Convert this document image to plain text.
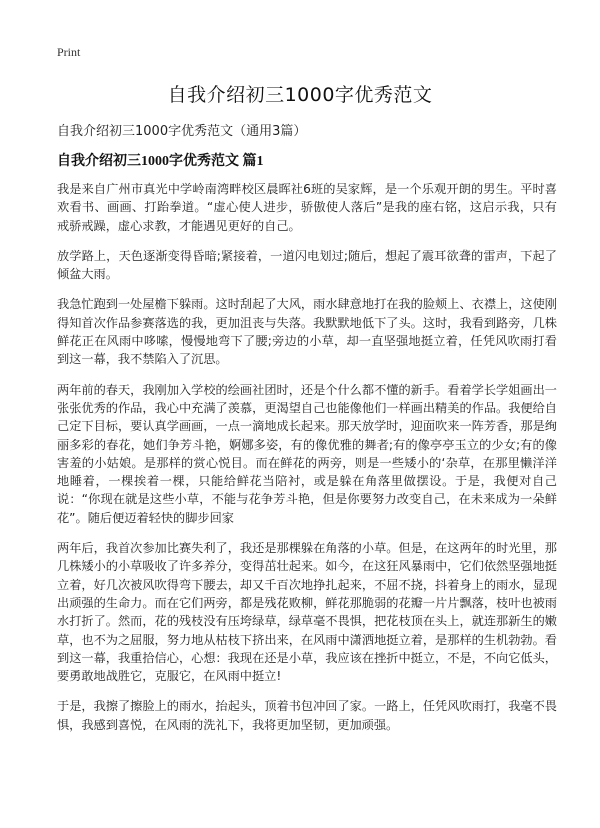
Print
自我介绍初三1000字优秀范文

自我介绍初三1000字优秀范文（通用3篇）

自我介绍初三1000字优秀范文 篇1

我是来自广州市真光中学岭南湾畔校区晨晖社6班的吴家辉，是一个乐观开朗的男生。平时喜欢看书、画画、打跆拳道。“虚心使人进步，骄傲使人落后”是我的座右铭，这启示我，只有戒骄戒躁，虚心求教，才能遇见更好的自己。

放学路上，天色逐渐变得昏暗;紧接着，一道闪电划过;随后，想起了震耳欲聋的雷声，下起了倾盆大雨。

我急忙跑到一处屋檐下躲雨。这时刮起了大风，雨水肆意地打在我的脸颊上、衣襟上，这使刚得知首次作品参赛落选的我，更加沮丧与失落。我默默地低下了头。这时，我看到路旁，几株鲜花正在风雨中哆嗦，慢慢地弯下了腰;旁边的小草，却一直坚强地挺立着，任凭风吹雨打看到这一幕，我不禁陷入了沉思。

两年前的春天，我刚加入学校的绘画社团时，还是个什么都不懂的新手。看着学长学姐画出一张张优秀的作品，我心中充满了羡慕，更渴望自己也能像他们一样画出精美的作品。我便给自己定下目标，要认真学画画，一点一滴地成长起来。那天放学时，迎面吹来一阵芳香，那是绚丽多彩的春花，她们争芳斗艳，婀娜多姿，有的像优雅的舞者;有的像亭亭玉立的少女;有的像害羞的小姑娘。是那样的赏心悦目。而在鲜花的两旁，则是一些矮小的‘杂草，在那里懒洋洋地睡着，一棵挨着一棵，只能给鲜花当陪衬，或是躲在角落里做摆设。于是，我便对自己说：“你现在就是这些小草，不能与花争芳斗艳，但是你要努力改变自己，在未来成为一朵鲜花”。随后便迈着轻快的脚步回家

两年后，我首次参加比赛失利了，我还是那棵躲在角落的小草。但是，在这两年的时光里，那几株矮小的小草吸收了许多养分，变得茁壮起来。如今，在这狂风暴雨中，它们依然坚强地挺立着，好几次被风吹得弯下腰去，却又千百次地挣扎起来，不屈不挠，抖着身上的雨水，显现出顽强的生命力。而在它们两旁，都是残花败柳，鲜花那脆弱的花瓣一片片飘落，枝叶也被雨水打折了。然而，花的残枝没有压垮绿草，绿草毫不畏惧，把花枝顶在头上，就连那新生的嫩草，也不为之屈服，努力地从枯枝下挤出来，在风雨中潇洒地挺立着，是那样的生机勃勃。看到这一幕，我重拾信心，心想：我现在还是小草，我应该在挫折中挺立，不是，不向它低头，要勇敢地战胜它，克服它，在风雨中挺立!

于是，我擦了擦脸上的雨水，抬起头，顶着书包冲回了家。一路上，任凭风吹雨打，我毫不畏惧，我感到喜悦，在风雨的洗礼下，我将更加坚韧，更加顽强。
